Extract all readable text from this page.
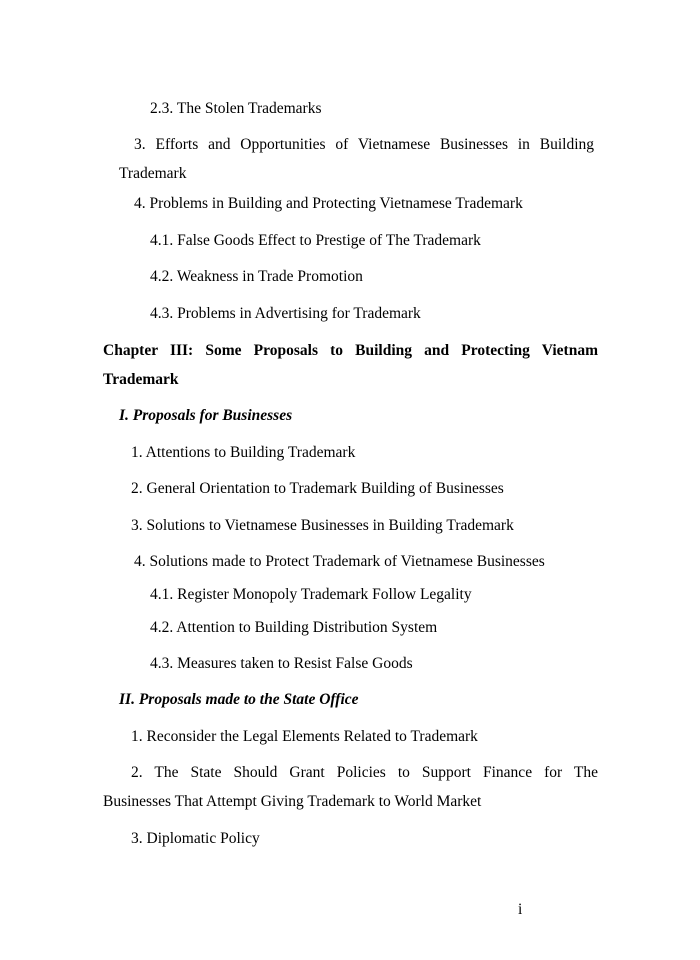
2.3. The Stolen Trademarks
3. Efforts and Opportunities of Vietnamese Businesses in Building
Trademark
4. Problems in Building and Protecting Vietnamese Trademark
4.1. False Goods Effect to Prestige of The Trademark
4.2. Weakness in Trade Promotion
4.3. Problems in Advertising for Trademark
Chapter III: Some Proposals to Building and Protecting Vietnam
Trademark
I. Proposals for Businesses
1. Attentions to Building Trademark
2. General Orientation to Trademark Building of Businesses
3. Solutions to Vietnamese Businesses in Building Trademark
4. Solutions made to Protect Trademark of Vietnamese Businesses
4.1. Register Monopoly Trademark Follow Legality
4.2. Attention to Building Distribution System
4.3. Measures taken to Resist False Goods
II. Proposals made to the State Office
1. Reconsider the Legal Elements Related to Trademark
2. The State Should Grant Policies to Support Finance for The
Businesses That Attempt Giving Trademark to World Market
3. Diplomatic Policy
i
